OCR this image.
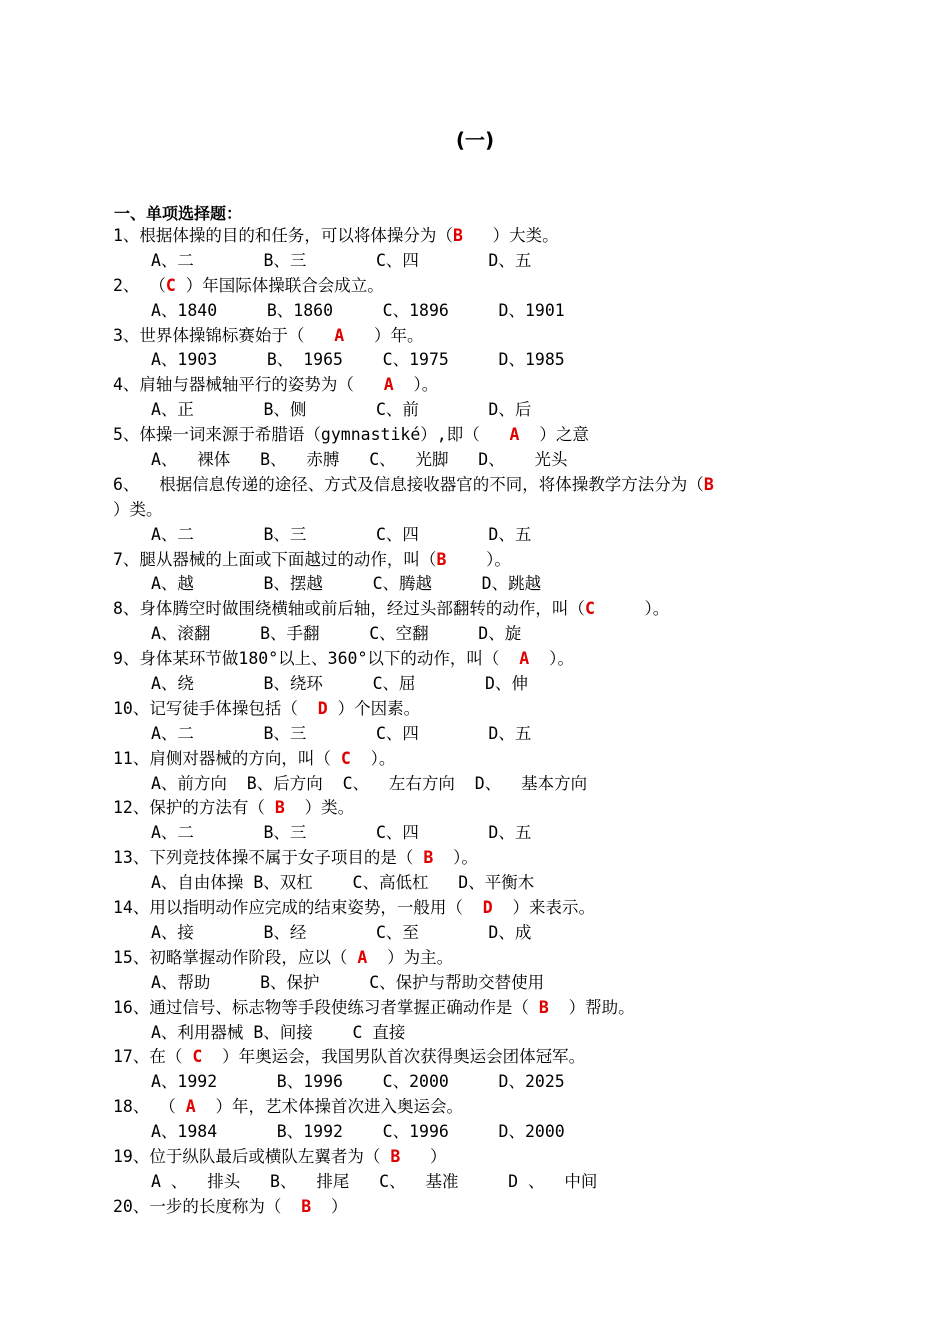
(一)
一、单项选择题：
1、根据体操的目的和任务，可以将体操分为（B   ）大类。
A、二       B、三       C、四       D、五
2、 （C ）年国际体操联合会成立。
A、1840     B、1860     C、1896     D、1901
3、世界体操锦标赛始于（   A   ）年。
A、1903     B、 1965    C、1975     D、1985
4、肩轴与器械轴平行的姿势为（   A  ）。
A、正       B、侧       C、前       D、后
5、体操一词来源于希腊语（gymnastiké）,即（   A  ）之意
A、  裸体   B、  赤膊   C、  光脚   D、   光头
6、  根据信息传递的途径、方式及信息接收器官的不同，将体操教学方法分为（B
）类。
A、二       B、三       C、四       D、五
7、腿从器械的上面或下面越过的动作，叫（B    ）。
A、越       B、摆越     C、腾越     D、跳越
8、身体腾空时做围绕横轴或前后轴，经过头部翻转的动作，叫（C     ）。
A、滚翻     B、手翻     C、空翻     D、旋
9、身体某环节做180°以上、360°以下的动作，叫（  A  ）。
A、绕       B、绕环     C、屈       D、伸
10、记写徒手体操包括（  D ）个因素。
A、二       B、三       C、四       D、五
11、肩侧对器械的方向，叫（ C  ）。
A、前方向  B、后方向  C、  左右方向  D、  基本方向
12、保护的方法有（ B  ）类。
A、二       B、三       C、四       D、五
13、下列竞技体操不属于女子项目的是（ B  ）。
A、自由体操 B、双杠    C、高低杠   D、平衡木
14、用以指明动作应完成的结束姿势，一般用（  D  ）来表示。
A、接       B、经       C、至       D、成
15、初略掌握动作阶段，应以（ A  ）为主。
A、帮助     B、保护     C、保护与帮助交替使用
16、通过信号、标志物等手段使练习者掌握正确动作是（ B  ）帮助。
A、利用器械 B、间接    C 直接
17、在（ C  ）年奥运会，我国男队首次获得奥运会团体冠军。
A、1992      B、1996    C、2000     D、2025
18、 （ A  ）年，艺术体操首次进入奥运会。
A、1984      B、1992    C、1996     D、2000
19、位于纵队最后或横队左翼者为（ B   ）
A 、  排头   B、  排尾   C、  基准     D 、  中间
20、一步的长度称为（  B  ）
